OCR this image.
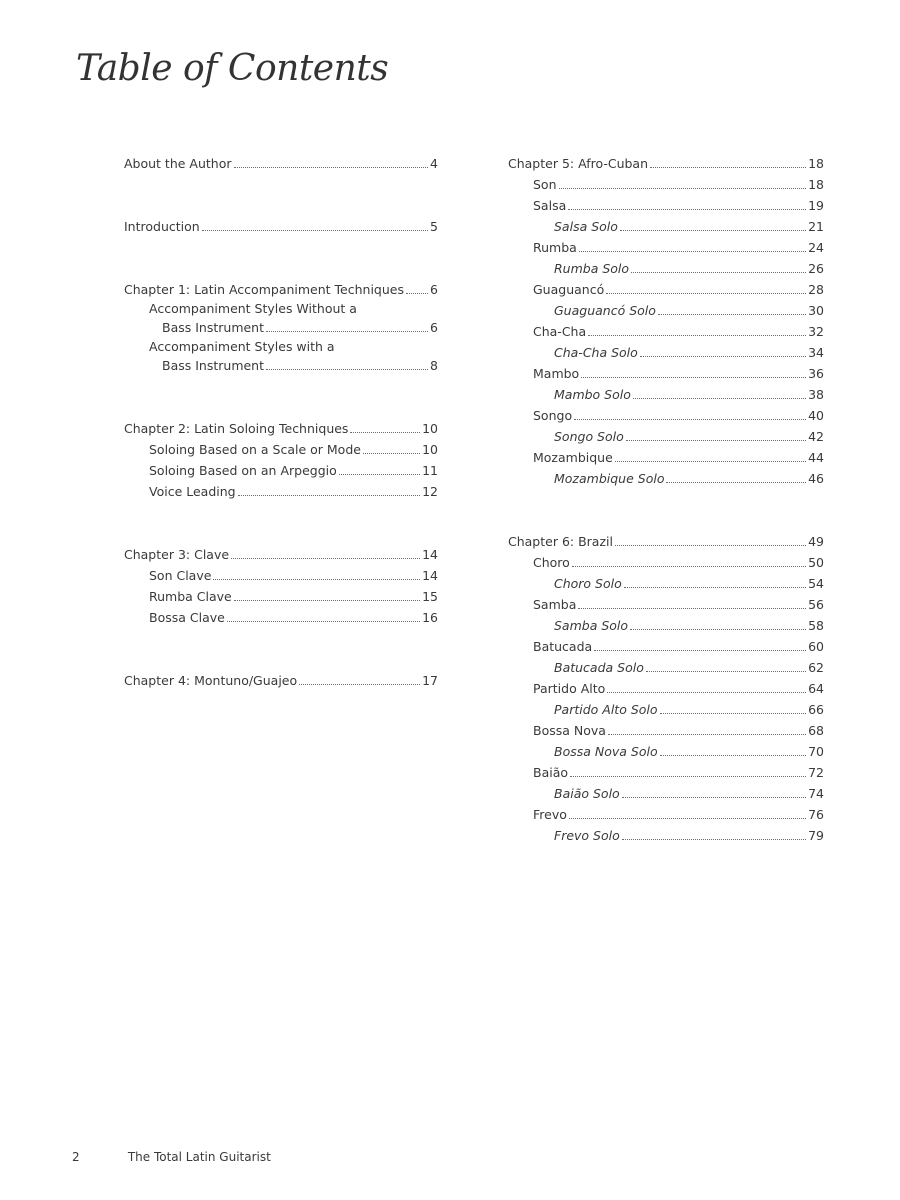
Table of Contents
About the Author	4
Introduction	5
Chapter 1: Latin Accompaniment Techniques 6
Accompaniment Styles Without a
Bass Instrument	6
Accompaniment Styles with a
Bass Instrument	8
Chapter 2: Latin Soloing Techniques	10
Soloing Based on a Scale or Mode	10
Soloing Based on an Arpeggio	11
Voice Leading	12
Chapter 3: Clave	14
Son Clave	14
Rumba Clave	15
Bossa Clave	16
Chapter 4: Montuno/Guajeo	17
Chapter 5: Afro-Cuban	18
Son	18
Salsa	19
Salsa Solo	21
Rumba	24
Rumba Solo	26
Guaguancó	28
Guaguancó Solo	30
Cha-Cha	32
Cha-Cha Solo	34
Mambo	36
Mambo Solo	38
Songo	40
Songo Solo	42
Mozambique	44
Mozambique Solo	46
Chapter 6: Brazil	49
Choro	50
Choro Solo	54
Samba	56
Samba Solo	58
Batucada	60
Batucada Solo	62
Partido Alto	64
Partido Alto Solo	66
Bossa Nova	68
Bossa Nova Solo	70
Baião	72
Baião Solo	74
Frevo	76
Frevo Solo	79
2	The Total Latin Guitarist
